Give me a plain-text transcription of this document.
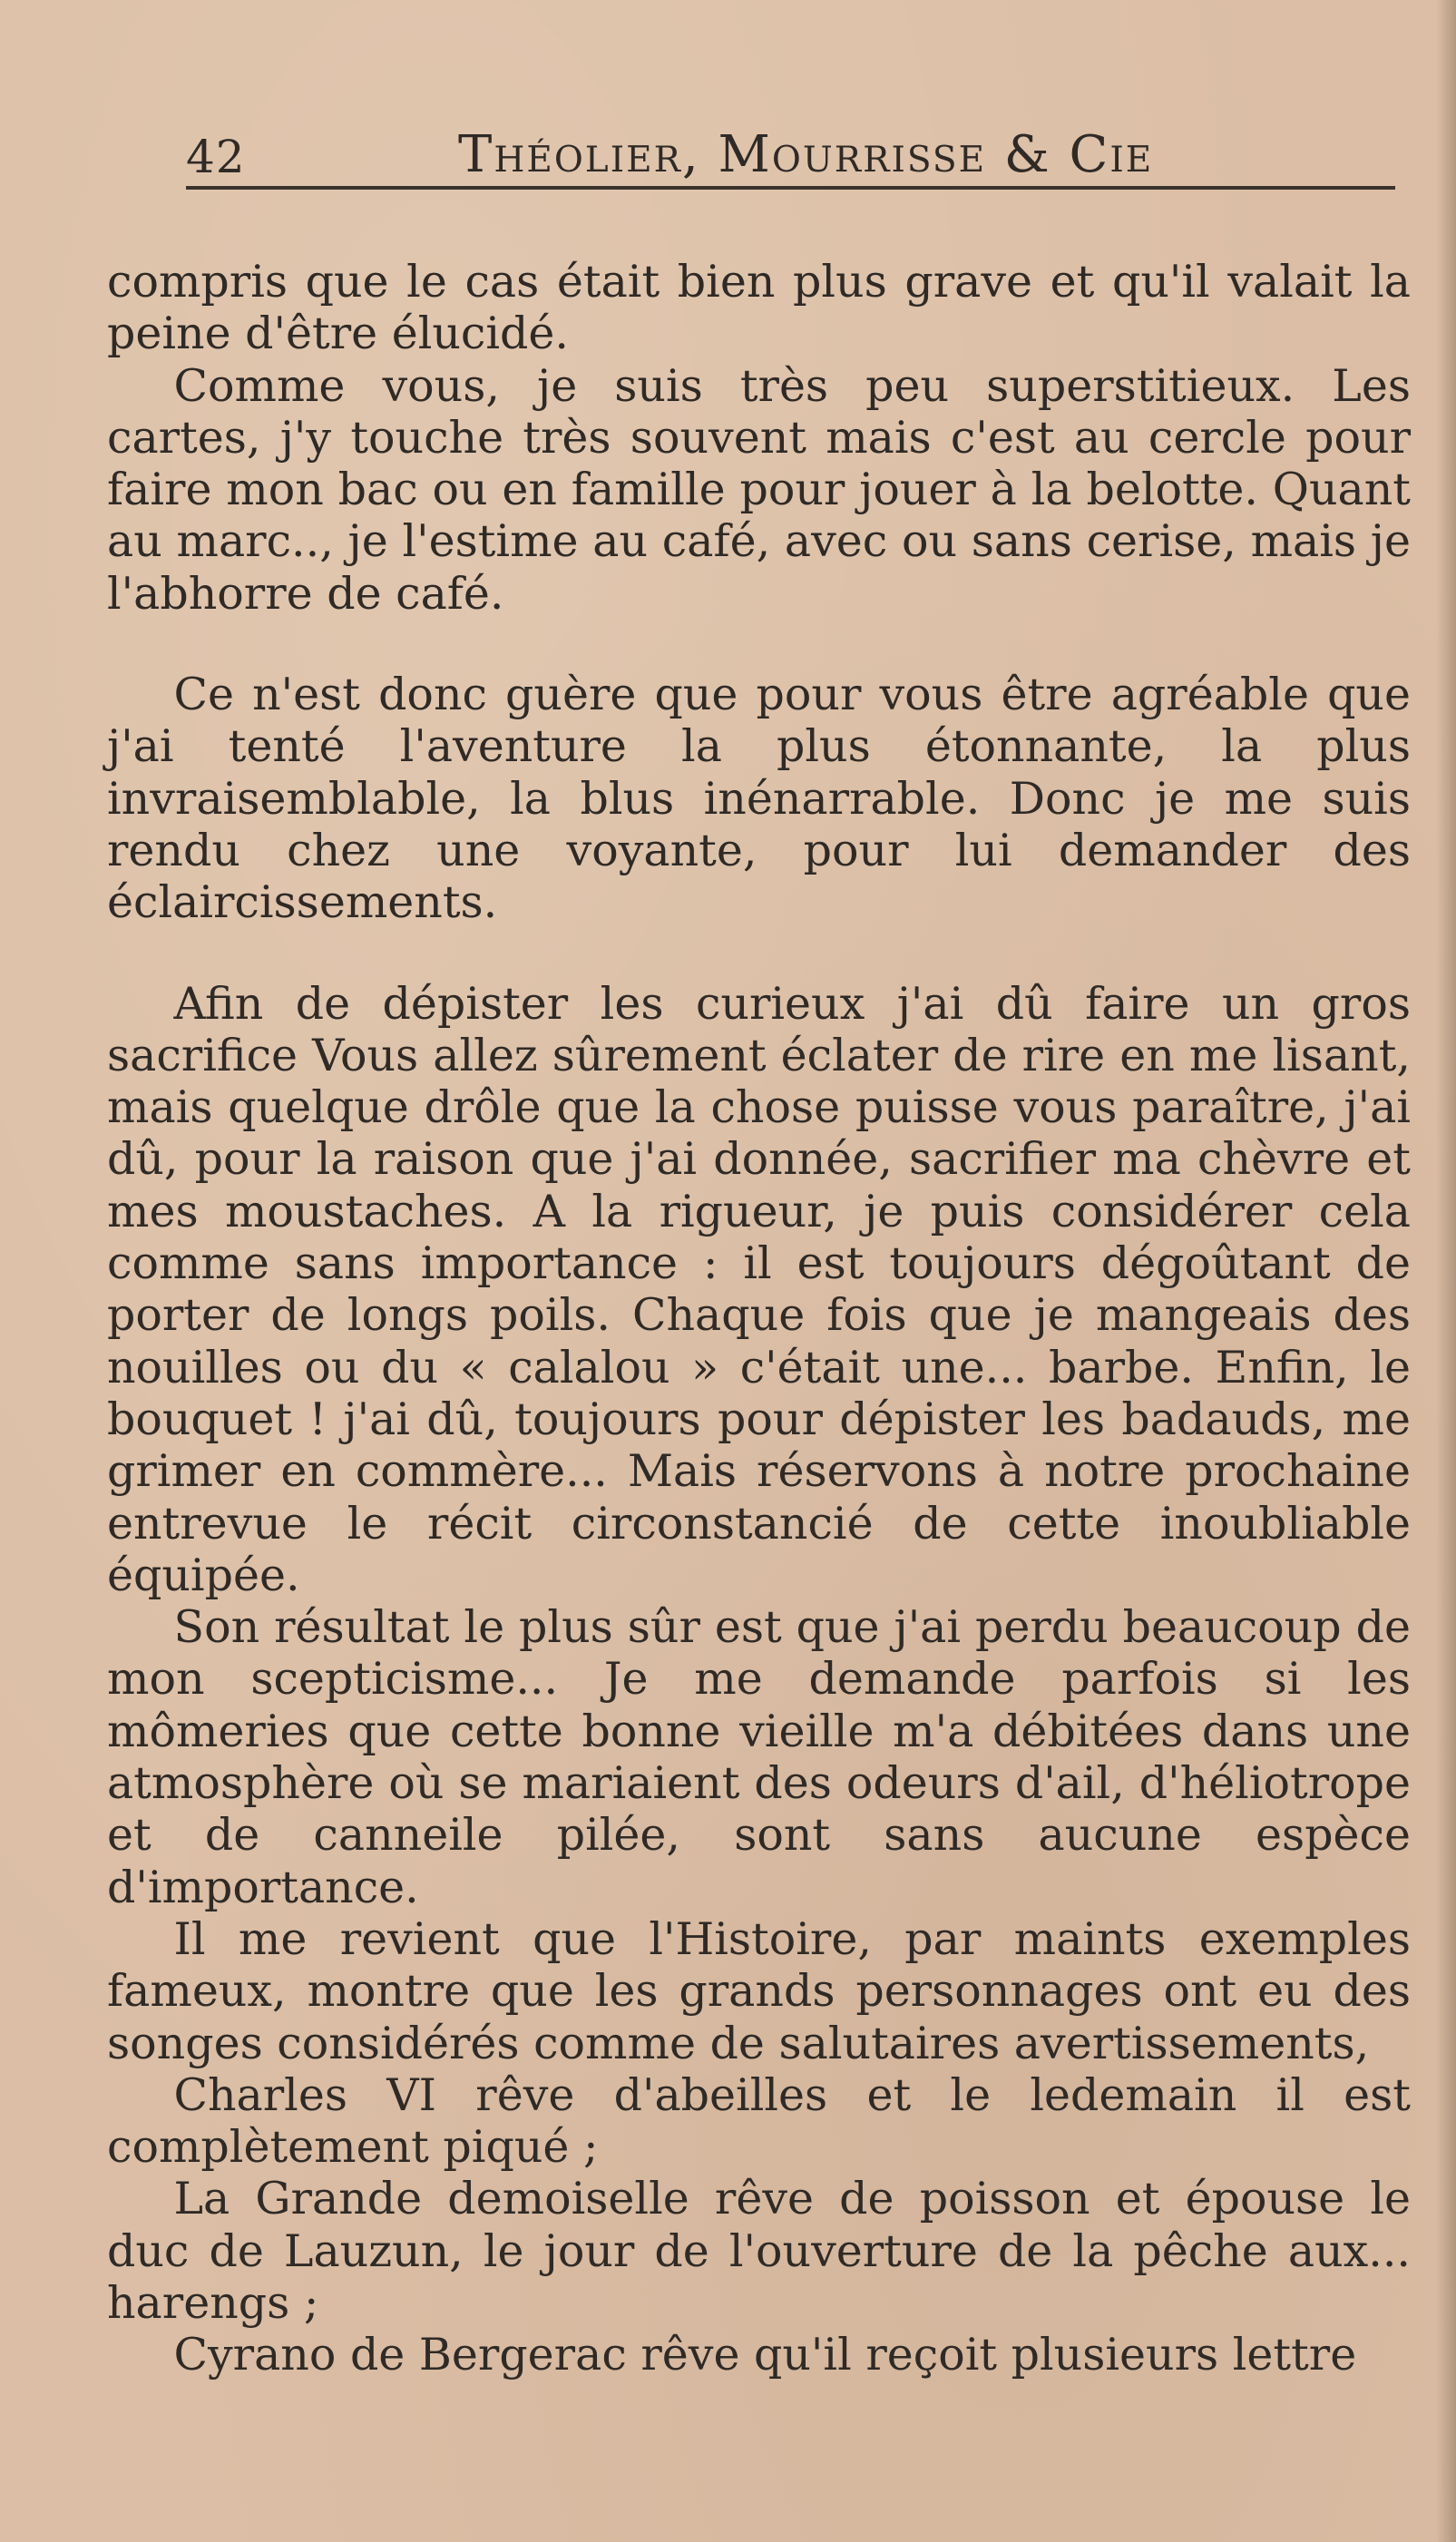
42	Théolier, Mourrisse & Cie

compris que le cas était bien plus grave et qu'il valait la peine d'être élucidé.

Comme vous, je suis très peu superstitieux. Les cartes, j'y touche très souvent mais c'est au cercle pour faire mon bac ou en famille pour jouer à la belotte. Quant au marc.., je l'estime au café, avec ou sans cerise, mais je l'abhorre de café.

Ce n'est donc guère que pour vous être agréable que j'ai tenté l'aventure la plus étonnante, la plus invraisemblable, la blus inénarrable. Donc je me suis rendu chez une voyante, pour lui demander des éclaircissements.

Afin de dépister les curieux j'ai dû faire un gros sacrifice Vous allez sûrement éclater de rire en me lisant, mais quelque drôle que la chose puisse vous paraître, j'ai dû, pour la raison que j'ai donnée, sacrifier ma chèvre et mes moustaches. A la rigueur, je puis considérer cela comme sans importance : il est toujours dégoûtant de porter de longs poils. Chaque fois que je mangeais des nouilles ou du « calalou » c'était une... barbe. Enfin, le bouquet ! j'ai dû, toujours pour dépister les badauds, me grimer en commère... Mais réservons à notre prochaine entrevue le récit circonstancié de cette inoubliable équipée.

Son résultat le plus sûr est que j'ai perdu beaucoup de mon scepticisme... Je me demande parfois si les mômeries que cette bonne vieille m'a débitées dans une atmosphère où se mariaient des odeurs d'ail, d'héliotrope et de canneile pilée, sont sans aucune espèce d'importance.

Il me revient que l'Histoire, par maints exemples fameux, montre que les grands personnages ont eu des songes considérés comme de salutaires avertissements,

Charles VI rêve d'abeilles et le ledemain il est complètement piqué ;

La Grande demoiselle rêve de poisson et épouse le duc de Lauzun, le jour de l'ouverture de la pêche aux... harengs ;

Cyrano de Bergerac rêve qu'il reçoit plusieurs lettre
